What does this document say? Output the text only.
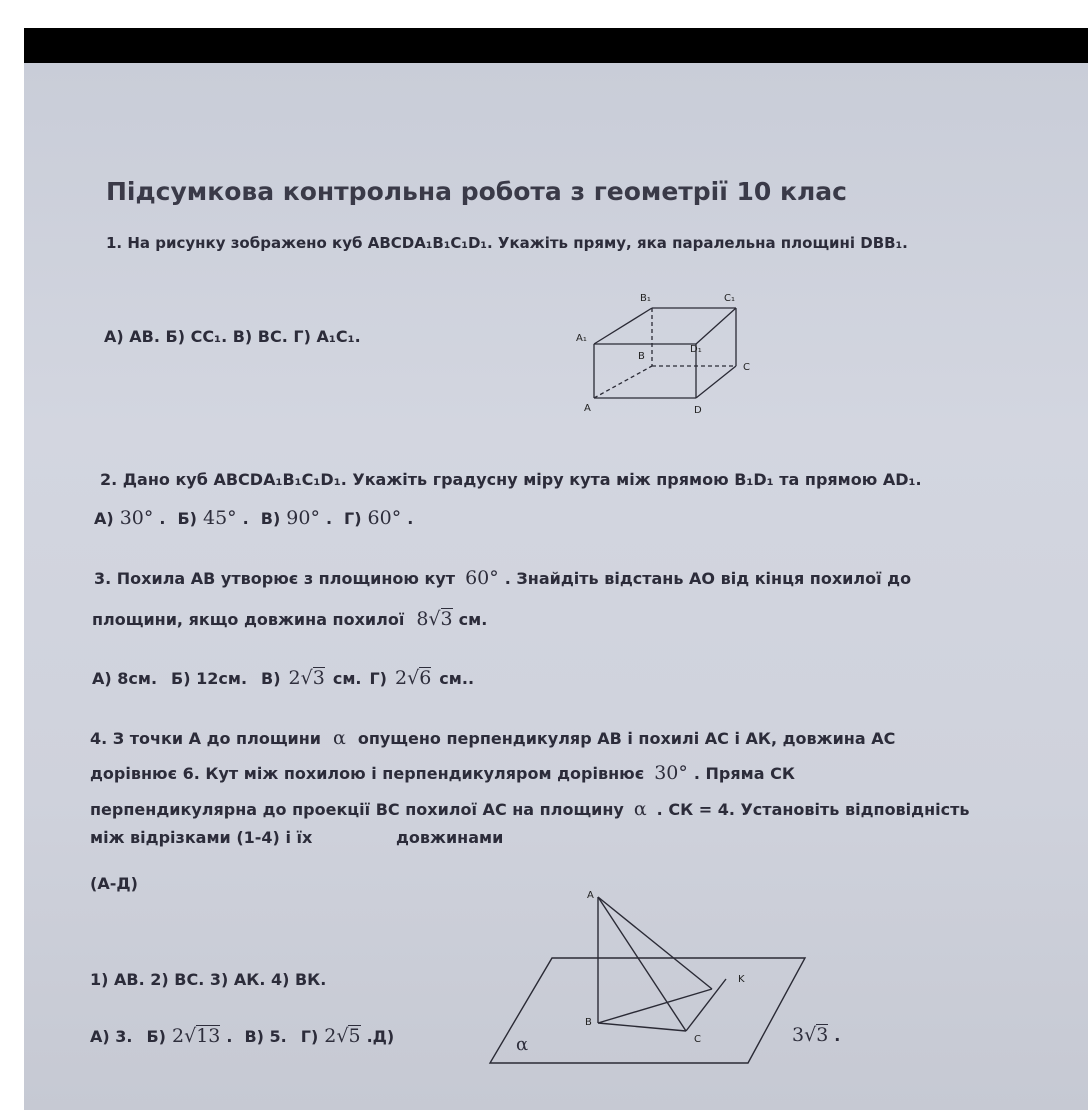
Підсумкова контрольна робота з геометрії 10 клас
1. На рисунку зображено куб ABCDA₁B₁C₁D₁. Укажіть пряму, яка паралельна площині DBB₁.
А) АВ. Б) CC₁. В) BC. Г) A₁C₁.
B₁	C₁
A₁
B
D₁
C
A	D
2. Дано куб ABCDA₁B₁C₁D₁. Укажіть градусну міру кута між прямою B₁D₁ та прямою AD₁.
А) 30° . Б) 45° . В) 90° . Г) 60° .
3. Похила АВ утворює з площиною кут 60° . Знайдіть відстань АО від кінця похилої до
площини, якщо довжина похилої 8√3 см.
А) 8см. Б) 12см. В) 2√3 см. Г) 2√6 см..
4. З точки А до площини α опущено перпендикуляр АВ і похилі АС і АК, довжина АС
дорівнює 6. Кут між похилою і перпендикуляром дорівнює 30° . Пряма СК
перпендикулярна до проекції ВС похилої АС на площину α . СК = 4. Установіть відповідність
між відрізками (1-4) і їх	довжинами
(А-Д)
1) АВ. 2) ВС. 3) АК. 4) ВК.
А) 3. Б) 2√13 . В) 5. Г) 2√5 .Д)	3√3 .
A
B
C
K
α
